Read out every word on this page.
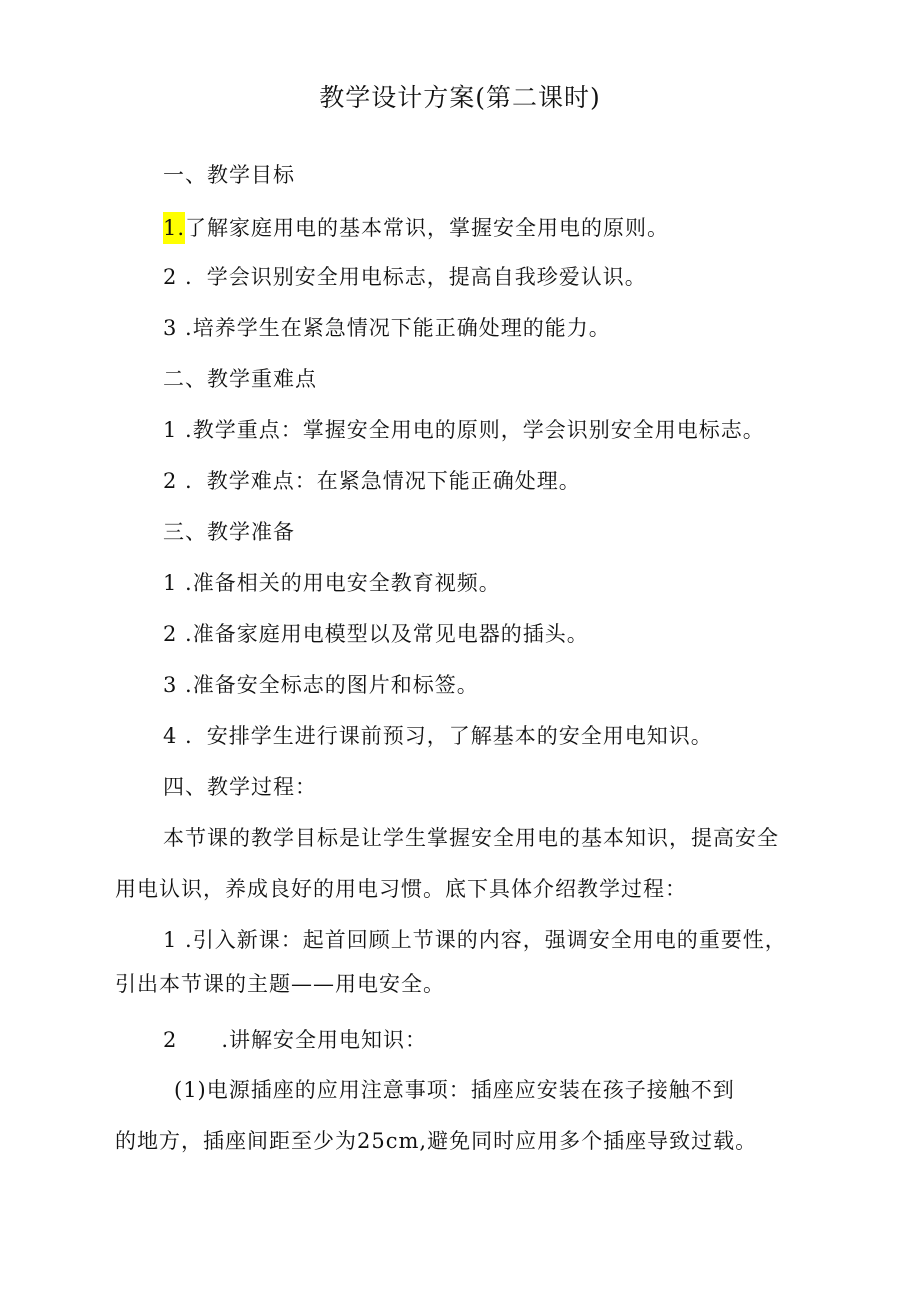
教学设计方案(第二课时)
一、教学目标
1.了解家庭用电的基本常识，掌握安全用电的原则。
2 . 学会识别安全用电标志，提高自我珍爱认识。
3 .培养学生在紧急情况下能正确处理的能力。
二、教学重难点
1 .教学重点：掌握安全用电的原则，学会识别安全用电标志。
2 . 教学难点：在紧急情况下能正确处理。
三、教学准备
1 .准备相关的用电安全教育视频。
2 .准备家庭用电模型以及常见电器的插头。
3 .准备安全标志的图片和标签。
4 . 安排学生进行课前预习，了解基本的安全用电知识。
四、教学过程：
本节课的教学目标是让学生掌握安全用电的基本知识，提高安全
用电认识，养成良好的用电习惯。底下具体介绍教学过程：
1 .引入新课：起首回顾上节课的内容，强调安全用电的重要性，
引出本节课的主题——用电安全。
2 .讲解安全用电知识：
(1)电源插座的应用注意事项：插座应安装在孩子接触不到
的地方，插座间距至少为25cm,避免同时应用多个插座导致过载。
